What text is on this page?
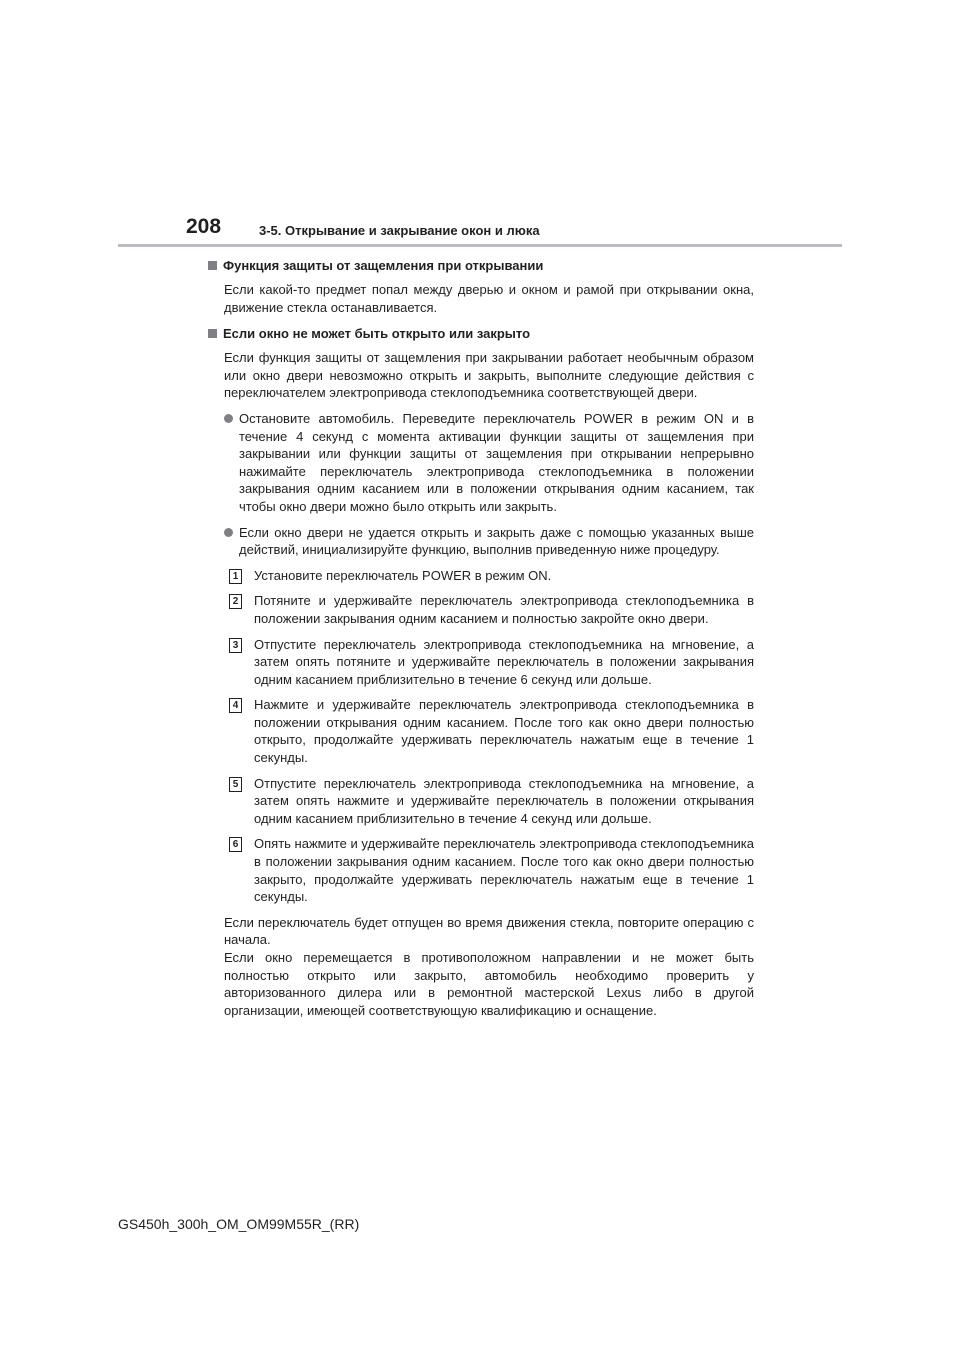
208	3-5. Открывание и закрывание окон и люка
Функция защиты от защемления при открывании

Если какой-то предмет попал между дверью и окном и рамой при открывании окна, движение стекла останавливается.

Если окно не может быть открыто или закрыто

Если функция защиты от защемления при закрывании работает необычным образом или окно двери невозможно открыть и закрыть, выполните следующие действия с переключателем электропривода стеклоподъемника соответствующей двери.

Остановите автомобиль. Переведите переключатель POWER в режим ON и в течение 4 секунд с момента активации функции защиты от защемления при закрывании или функции защиты от защемления при открывании непрерывно нажимайте переключатель электропривода стеклоподъемника в положении закрывания одним касанием или в положении открывания одним касанием, так чтобы окно двери можно было открыть или закрыть.
Если окно двери не удается открыть и закрыть даже с помощью указанных выше действий, инициализируйте функцию, выполнив приведенную ниже процедуру.
1 Установите переключатель POWER в режим ON.
2 Потяните и удерживайте переключатель электропривода стеклоподъемника в положении закрывания одним касанием и полностью закройте окно двери.
3 Отпустите переключатель электропривода стеклоподъемника на мгновение, а затем опять потяните и удерживайте переключатель в положении закрывания одним касанием приблизительно в течение 6 секунд или дольше.
4 Нажмите и удерживайте переключатель электропривода стеклоподъемника в положении открывания одним касанием. После того как окно двери полностью открыто, продолжайте удерживать переключатель нажатым еще в течение 1 секунды.
5 Отпустите переключатель электропривода стеклоподъемника на мгновение, а затем опять нажмите и удерживайте переключатель в положении открывания одним касанием приблизительно в течение 4 секунд или дольше.
6 Опять нажмите и удерживайте переключатель электропривода стеклоподъемника в положении закрывания одним касанием. После того как окно двери полностью закрыто, продолжайте удерживать переключатель нажатым еще в течение 1 секунды.

Если переключатель будет отпущен во время движения стекла, повторите операцию с начала.

Если окно перемещается в противоположном направлении и не может быть полностью открыто или закрыто, автомобиль необходимо проверить у авторизованного дилера или в ремонтной мастерской Lexus либо в другой организации, имеющей соответствующую квалификацию и оснащение.

GS450h_300h_OM_OM99M55R_(RR)
